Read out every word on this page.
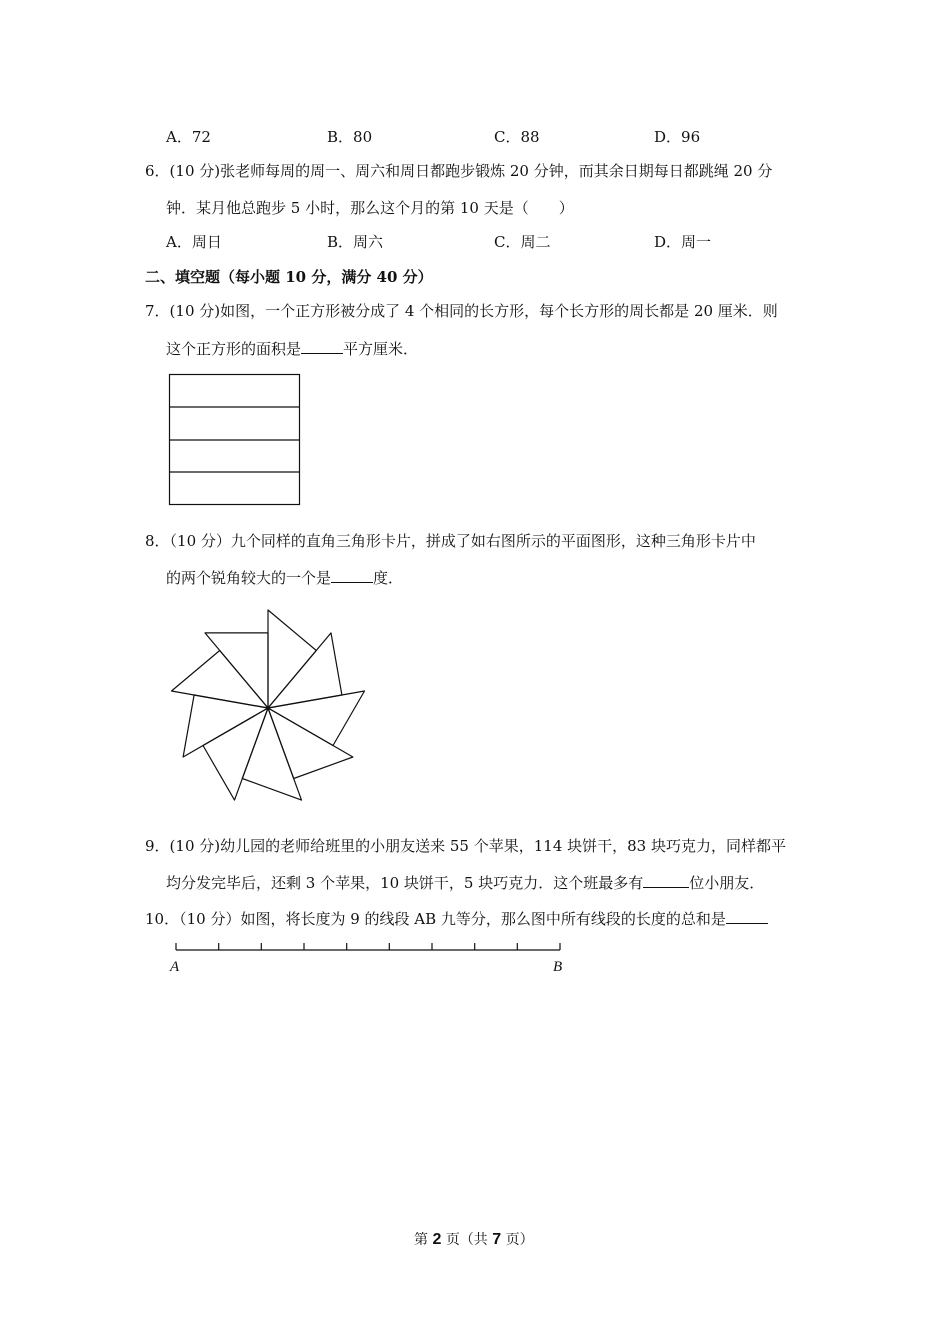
A．72	B．80	C．88	D．96
6．(10 分)张老师每周的周一、周六和周日都跑步锻炼 20 分钟，而其余日期每日都跳绳 20 分
钟．某月他总跑步 5 小时，那么这个月的第 10 天是（　　）
A．周日	B．周六	C．周二	D．周一
二、填空题（每小题 10 分，满分 40 分）
7．(10 分)如图，一个正方形被分成了 4 个相同的长方形，每个长方形的周长都是 20 厘米．则
这个正方形的面积是	平方厘米．
8．（10 分）九个同样的直角三角形卡片，拼成了如右图所示的平面图形，这种三角形卡片中
的两个锐角较大的一个是	度．
9．(10 分)幼儿园的老师给班里的小朋友送来 55 个苹果，114 块饼干，83 块巧克力，同样都平
均分发完毕后，还剩 3 个苹果，10 块饼干，5 块巧克力．这个班最多有	位小朋友．
10．（10 分）如图，将长度为 9 的线段 AB 九等分，那么图中所有线段的长度的总和是
A	B
第 2 页（共 7 页）
